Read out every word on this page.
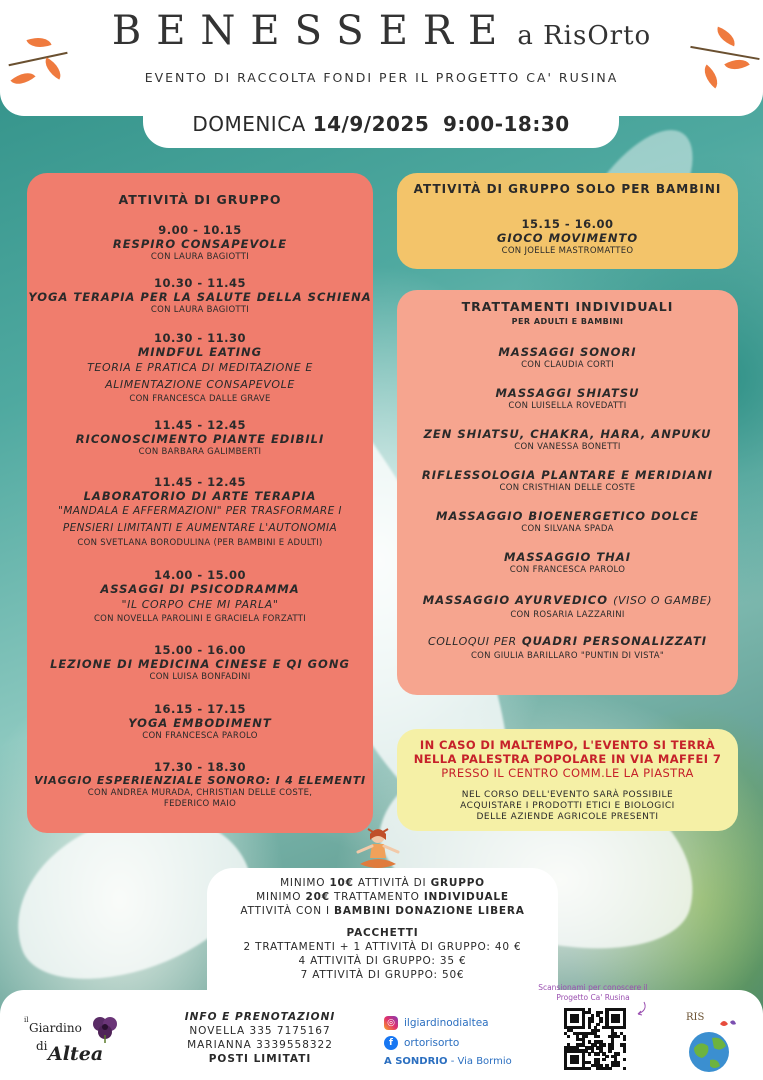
BENESSERE a RisOrto
EVENTO DI RACCOLTA FONDI PER IL PROGETTO CA' RUSINA
DOMENICA 14/9/2025 9:00-18:30
ATTIVITÀ DI GRUPPO
9.00 - 10.15
RESPIRO CONSAPEVOLE
CON LAURA BAGIOTTI
10.30 - 11.45
YOGA TERAPIA PER LA SALUTE DELLA SCHIENA
CON LAURA BAGIOTTI
10.30 - 11.30
MINDFUL EATING
TEORIA E PRATICA DI MEDITAZIONE E
ALIMENTAZIONE CONSAPEVOLE
CON FRANCESCA DALLE GRAVE
11.45 - 12.45
RICONOSCIMENTO PIANTE EDIBILI
CON BARBARA GALIMBERTI
11.45 - 12.45
LABORATORIO DI ARTE TERAPIA
"MANDALA E AFFERMAZIONI" PER TRASFORMARE I
PENSIERI LIMITANTI E AUMENTARE L'AUTONOMIA
CON SVETLANA BORODULINA (PER BAMBINI E ADULTI)
14.00 - 15.00
ASSAGGI DI PSICODRAMMA
"IL CORPO CHE MI PARLA"
CON NOVELLA PAROLINI E GRACIELA FORZATTI
15.00 - 16.00
LEZIONE DI MEDICINA CINESE E QI GONG
CON LUISA BONFADINI
16.15 - 17.15
YOGA EMBODIMENT
CON FRANCESCA PAROLO
17.30 - 18.30
VIAGGIO ESPERIENZIALE SONORO: I 4 ELEMENTI
CON ANDREA MURADA, CHRISTIAN DELLE COSTE,
FEDERICO MAIO
ATTIVITÀ DI GRUPPO SOLO PER BAMBINI
15.15 - 16.00
GIOCO MOVIMENTO
CON JOELLE MASTROMATTEO
TRATTAMENTI INDIVIDUALI
PER ADULTI E BAMBINI
MASSAGGI SONORI
CON CLAUDIA CORTI
MASSAGGI SHIATSU
CON LUISELLA ROVEDATTI
ZEN SHIATSU, CHAKRA, HARA, ANPUKU
CON VANESSA BONETTI
RIFLESSOLOGIA PLANTARE E MERIDIANI
CON CRISTHIAN DELLE COSTE
MASSAGGIO BIOENERGETICO DOLCE
CON SILVANA SPADA
MASSAGGIO THAI
CON FRANCESCA PAROLO
MASSAGGIO AYURVEDICO (VISO O GAMBE)
CON ROSARIA LAZZARINI
COLLOQUI PER QUADRI PERSONALIZZATI
CON GIULIA BARILLARO "PUNTIN DI VISTA"
IN CASO DI MALTEMPO, L'EVENTO SI TERRÀ
NELLA PALESTRA POPOLARE IN VIA MAFFEI 7
PRESSO IL CENTRO COMM.LE LA PIASTRA
NEL CORSO DELL'EVENTO SARÀ POSSIBILE
ACQUISTARE I PRODOTTI ETICI E BIOLOGICI
DELLE AZIENDE AGRICOLE PRESENTI
MINIMO 10€ ATTIVITÀ DI GRUPPO
MINIMO 20€ TRATTAMENTO INDIVIDUALE
ATTIVITÀ CON I BAMBINI DONAZIONE LIBERA
PACCHETTI
2 TRATTAMENTI + 1 ATTIVITÀ DI GRUPPO: 40 €
4 ATTIVITÀ DI GRUPPO: 35 €
7 ATTIVITÀ DI GRUPPO: 50€
il
Giardino
di Altea
INFO E PRENOTAZIONI
NOVELLA 335 7175167
MARIANNA 3339558322
POSTI LIMITATI
◎ ilgiardinodialtea
f	ortorisorto
A SONDRIO - Via Bormio
Scansionami per conoscere il
Progetto Ca' Rusina
RIS
